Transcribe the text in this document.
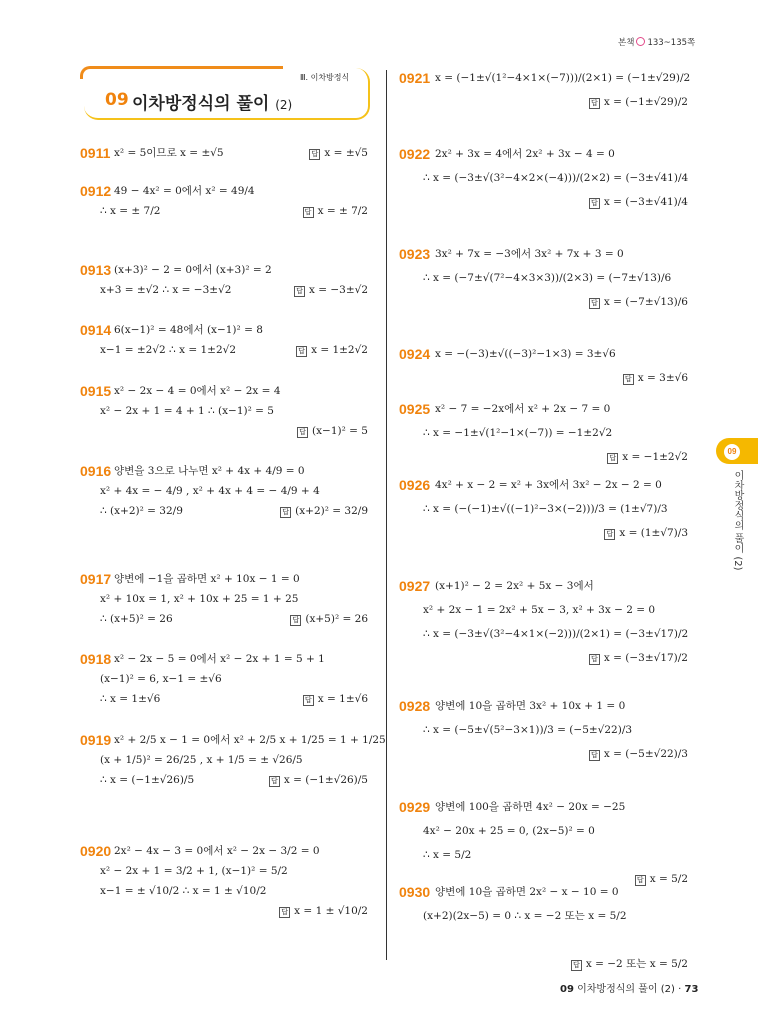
본책 133~135쪽
Ⅲ. 이차방정식
09 이차방정식의 풀이 (2)
09
이차방정식의 풀이 (2)
09 이차방정식의 풀이 (2) · 73
0911 x² = 5이므로 x = ±√5	답 x = ±√5
0912 49 − 4x² = 0에서 x² = 49/4
∴ x = ± 7/2	답 x = ± 7/2
0913 (x+3)² − 2 = 0에서 (x+3)² = 2
x+3 = ±√2 ∴ x = −3±√2	답 x = −3±√2
0914 6(x−1)² = 48에서 (x−1)² = 8
x−1 = ±2√2 ∴ x = 1±2√2	답 x = 1±2√2
0915 x² − 2x − 4 = 0에서 x² − 2x = 4
x² − 2x + 1 = 4 + 1 ∴ (x−1)² = 5
답 (x−1)² = 5
0916 양변을 3으로 나누면 x² + 4x + 4/9 = 0
x² + 4x = − 4/9 , x² + 4x + 4 = − 4/9 + 4
∴ (x+2)² = 32/9	답 (x+2)² = 32/9
0917 양변에 −1을 곱하면 x² + 10x − 1 = 0
x² + 10x = 1, x² + 10x + 25 = 1 + 25
∴ (x+5)² = 26	답 (x+5)² = 26
0918 x² − 2x − 5 = 0에서 x² − 2x + 1 = 5 + 1
(x−1)² = 6, x−1 = ±√6
∴ x = 1±√6	답 x = 1±√6
0919 x² + 2/5 x − 1 = 0에서 x² + 2/5 x + 1/25 = 1 + 1/25
(x + 1/5)² = 26/25 , x + 1/5 = ± √26/5
∴ x = (−1±√26)/5	답 x = (−1±√26)/5
0920 2x² − 4x − 3 = 0에서 x² − 2x − 3/2 = 0
x² − 2x + 1 = 3/2 + 1, (x−1)² = 5/2
x−1 = ± √10/2 ∴ x = 1 ± √10/2
답 x = 1 ± √10/2
0921 x = (−1±√(1²−4×1×(−7)))/(2×1) = (−1±√29)/2
답 x = (−1±√29)/2
0922 2x² + 3x = 4에서 2x² + 3x − 4 = 0
∴ x = (−3±√(3²−4×2×(−4)))/(2×2) = (−3±√41)/4
답 x = (−3±√41)/4
0923 3x² + 7x = −3에서 3x² + 7x + 3 = 0
∴ x = (−7±√(7²−4×3×3))/(2×3) = (−7±√13)/6
답 x = (−7±√13)/6
0924 x = −(−3)±√((−3)²−1×3) = 3±√6
답 x = 3±√6
0925 x² − 7 = −2x에서 x² + 2x − 7 = 0
∴ x = −1±√(1²−1×(−7)) = −1±2√2
답 x = −1±2√2
0926 4x² + x − 2 = x² + 3x에서 3x² − 2x − 2 = 0
∴ x = (−(−1)±√((−1)²−3×(−2)))/3 = (1±√7)/3
답 x = (1±√7)/3
0927 (x+1)² − 2 = 2x² + 5x − 3에서
x² + 2x − 1 = 2x² + 5x − 3, x² + 3x − 2 = 0
∴ x = (−3±√(3²−4×1×(−2)))/(2×1) = (−3±√17)/2
답 x = (−3±√17)/2
0928 양변에 10을 곱하면 3x² + 10x + 1 = 0
∴ x = (−5±√(5²−3×1))/3 = (−5±√22)/3
답 x = (−5±√22)/3
0929 양변에 100을 곱하면 4x² − 20x = −25
4x² − 20x + 25 = 0, (2x−5)² = 0
∴ x = 5/2
답 x = 5/2
0930 양변에 10을 곱하면 2x² − x − 10 = 0
(x+2)(2x−5) = 0 ∴ x = −2 또는 x = 5/2
답 x = −2 또는 x = 5/2
